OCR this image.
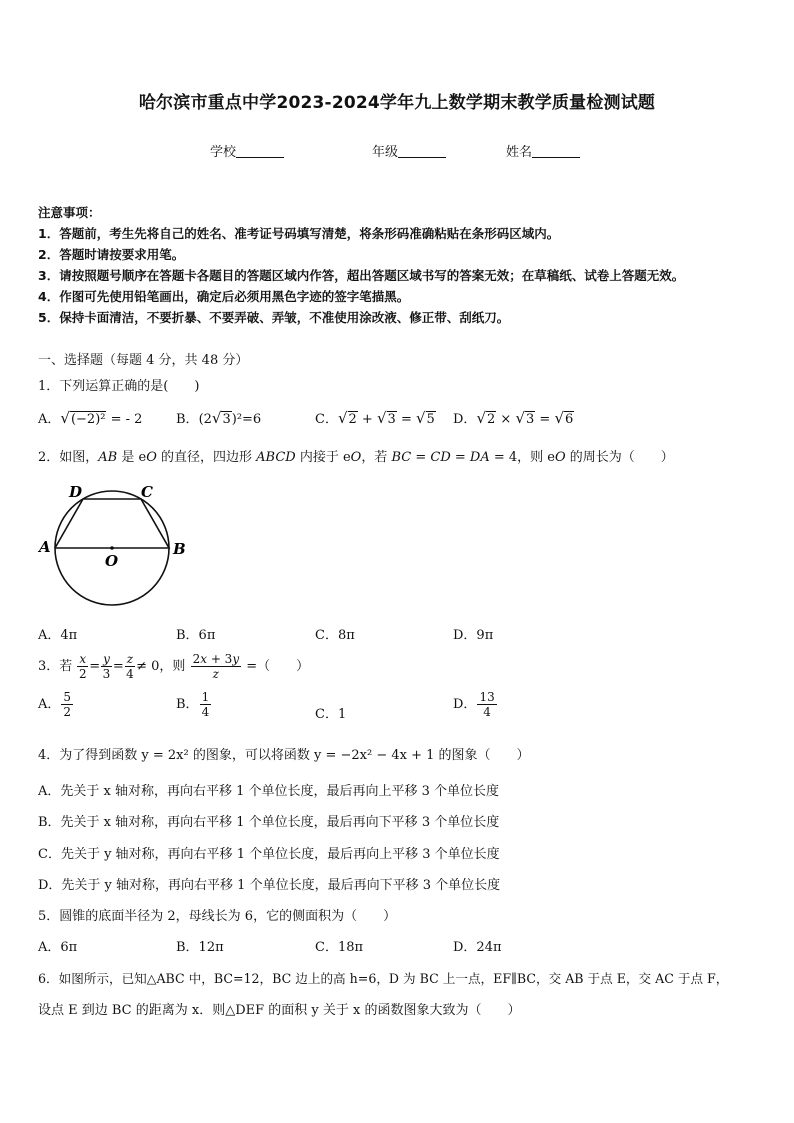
哈尔滨市重点中学2023-2024学年九上数学期末教学质量检测试题
学校	年级	姓名
注意事项：
1．答题前，考生先将自己的姓名、准考证号码填写清楚，将条形码准确粘贴在条形码区域内。
2．答题时请按要求用笔。
3．请按照题号顺序在答题卡各题目的答题区域内作答，超出答题区域书写的答案无效；在草稿纸、试卷上答题无效。
4．作图可先使用铅笔画出，确定后必须用黑色字迹的签字笔描黑。
5．保持卡面清洁，不要折暴、不要弄破、弄皱，不准使用涂改液、修正带、刮纸刀。
一、选择题（每题 4 分，共 48 分）
1．下列运算正确的是(　　)
A．√(−2)² = - 2	B．(2√3)²=6	C．√2 + √3 = √5 D．√2 × √3 = √6
2．如图，AB 是 eO 的直径，四边形 ABCD 内接于 eO，若 BC = CD = DA = 4，则 eO 的周长为（　　）
A	B
C
D
O
A．4π	B．6π	C．8π	D．9π
3．若 $\frac{x}{2} = \frac{y}{3} = \frac{z}{4} \ne 0$，则 $\frac{2x + 3y}{z}$ =（　　）
A． $\frac{5}{2}$	B． $\frac{1}{4}$	C．1
D． $\frac{13}{4}$
4．为了得到函数 y = 2x² 的图象，可以将函数 y = −2x² − 4x + 1 的图象（　　）
A．先关于 x 轴对称，再向右平移 1 个单位长度，最后再向上平移 3 个单位长度
B．先关于 x 轴对称，再向右平移 1 个单位长度，最后再向下平移 3 个单位长度
C．先关于 y 轴对称，再向右平移 1 个单位长度，最后再向上平移 3 个单位长度
D．先关于 y 轴对称，再向右平移 1 个单位长度，最后再向下平移 3 个单位长度
5．圆锥的底面半径为 2，母线长为 6，它的侧面积为（　　）
A．6π	B．12π	C．18π	D．24π
6．如图所示，已知△ABC 中，BC=12，BC 边上的高 h=6，D 为 BC 上一点，EF∥BC，交 AB 于点 E，交 AC 于点 F，
设点 E 到边 BC 的距离为 x．则△DEF 的面积 y 关于 x 的函数图象大致为（　　）
